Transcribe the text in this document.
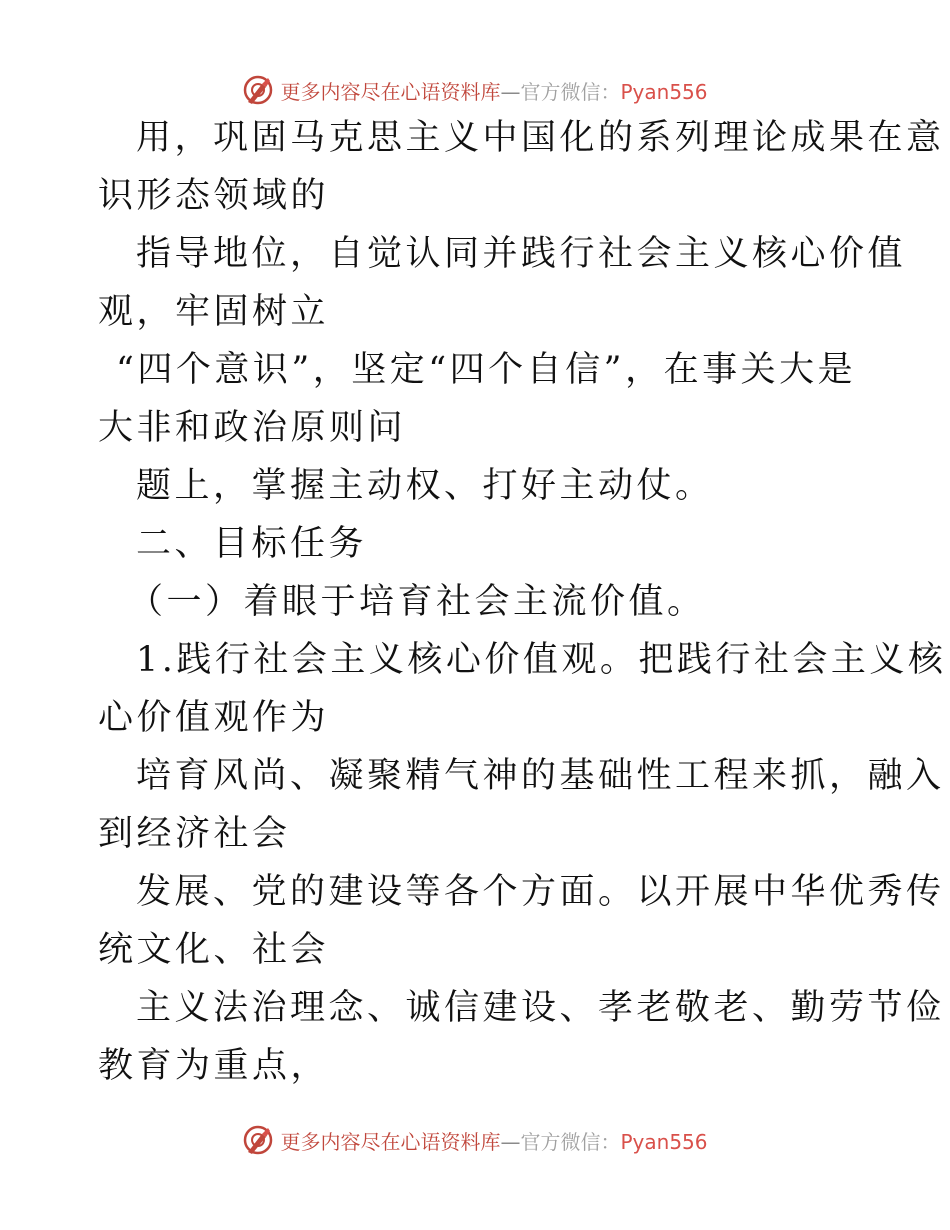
更多内容尽在心语资料库—官方微信：Pyan556
用，巩固马克思主义中国化的系列理论成果在意
识形态领域的
指导地位，自觉认同并践行社会主义核心价值
观，牢固树立
“四个意识”，坚定“四个自信”，在事关大是
大非和政治原则问
题上，掌握主动权、打好主动仗。
二、目标任务
（一）着眼于培育社会主流价值。
1.践行社会主义核心价值观。把践行社会主义核
心价值观作为
培育风尚、凝聚精气神的基础性工程来抓，融入
到经济社会
发展、党的建设等各个方面。以开展中华优秀传
统文化、社会
主义法治理念、诚信建设、孝老敬老、勤劳节俭
教育为重点，
更多内容尽在心语资料库—官方微信：Pyan556
